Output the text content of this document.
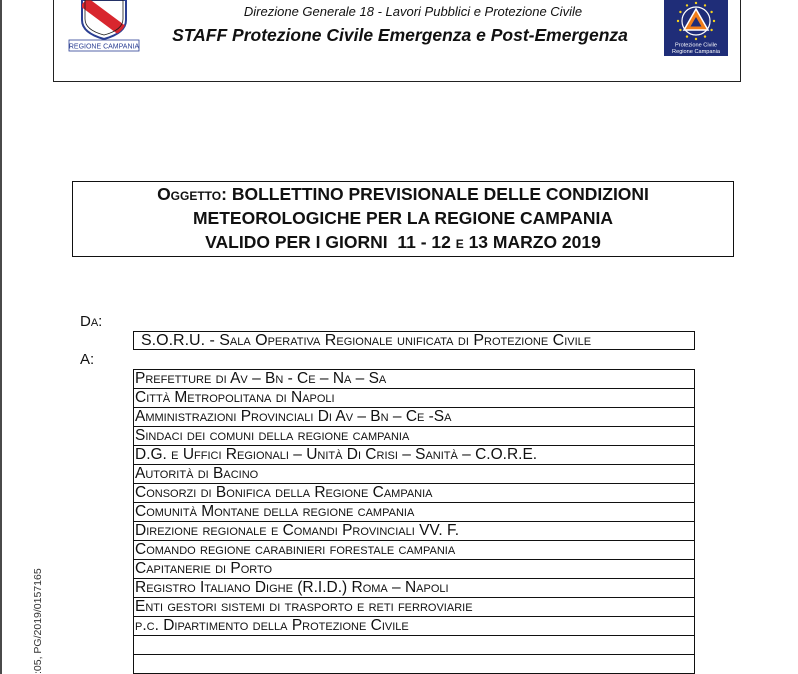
REGIONE CAMPANIA
Direzione Generale 18 - Lavori Pubblici e Protezione Civile
STAFF Protezione Civile Emergenza e Post-Emergenza
Protezione Civile
Regione Campania
Oggetto: BOLLETTINO PREVISIONALE DELLE CONDIZIONI
METEOROLOGICHE PER LA REGIONE CAMPANIA
VALIDO PER I GIORNI  11 - 12 e 13 MARZO 2019
Da:
S.O.R.U. - Sala Operativa Regionale unificata di Protezione Civile
A:
Prefetture di Av – Bn - Ce – Na – Sa
Città Metropolitana di Napoli
Amministrazioni Provinciali Di Av – Bn – Ce -Sa
Sindaci dei comuni della regione campania
D.G. e Uffici Regionali – Unità Di Crisi – Sanità – C.O.R.E.
Autorità di Bacino
Consorzi di Bonifica della Regione Campania
Comunità Montane della regione campania
Direzione regionale e Comandi Provinciali VV. F.
Comando regione carabinieri forestale campania
Capitanerie di Porto
Registro Italiano Dighe (R.I.D.) Roma – Napoli
Enti gestori sistemi di trasporto e reti ferroviarie
p.c. Dipartimento della Protezione Civile
:05, PG/2019/0157165
